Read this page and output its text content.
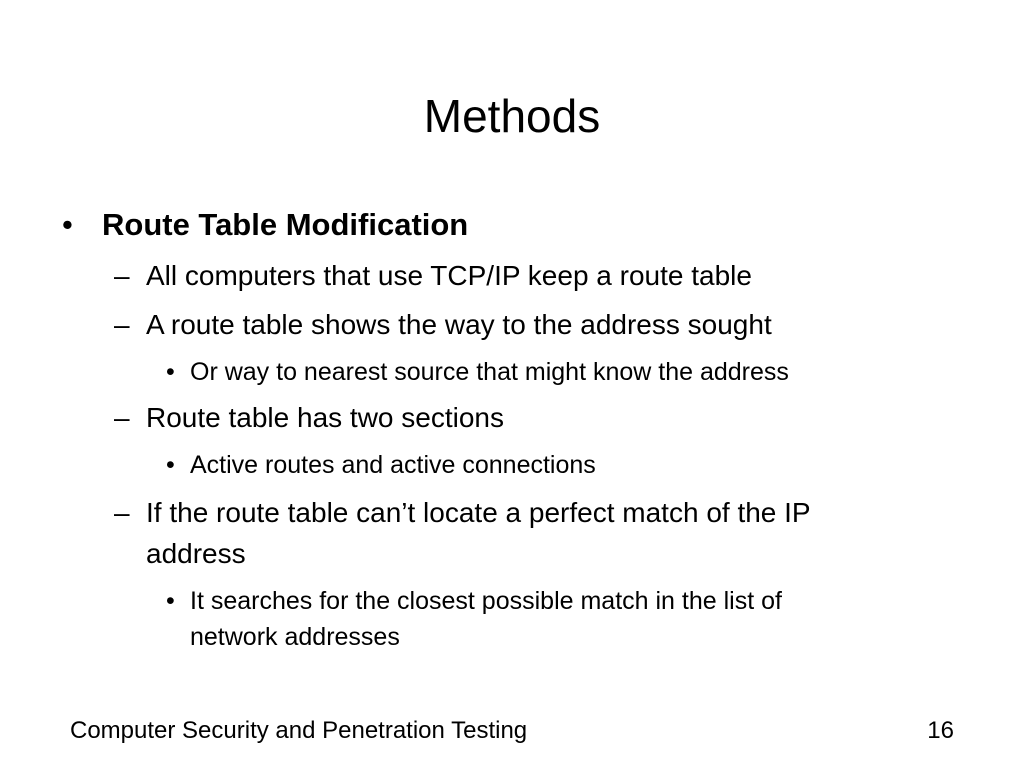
Methods
• Route Table Modification
– All computers that use TCP/IP keep a route table
– A route table shows the way to the address sought
• Or way to nearest source that might know the address
– Route table has two sections
• Active routes and active connections
– If the route table can’t locate a perfect match of the IP
address
• It searches for the closest possible match in the list of
network addresses
Computer Security and Penetration Testing	16
